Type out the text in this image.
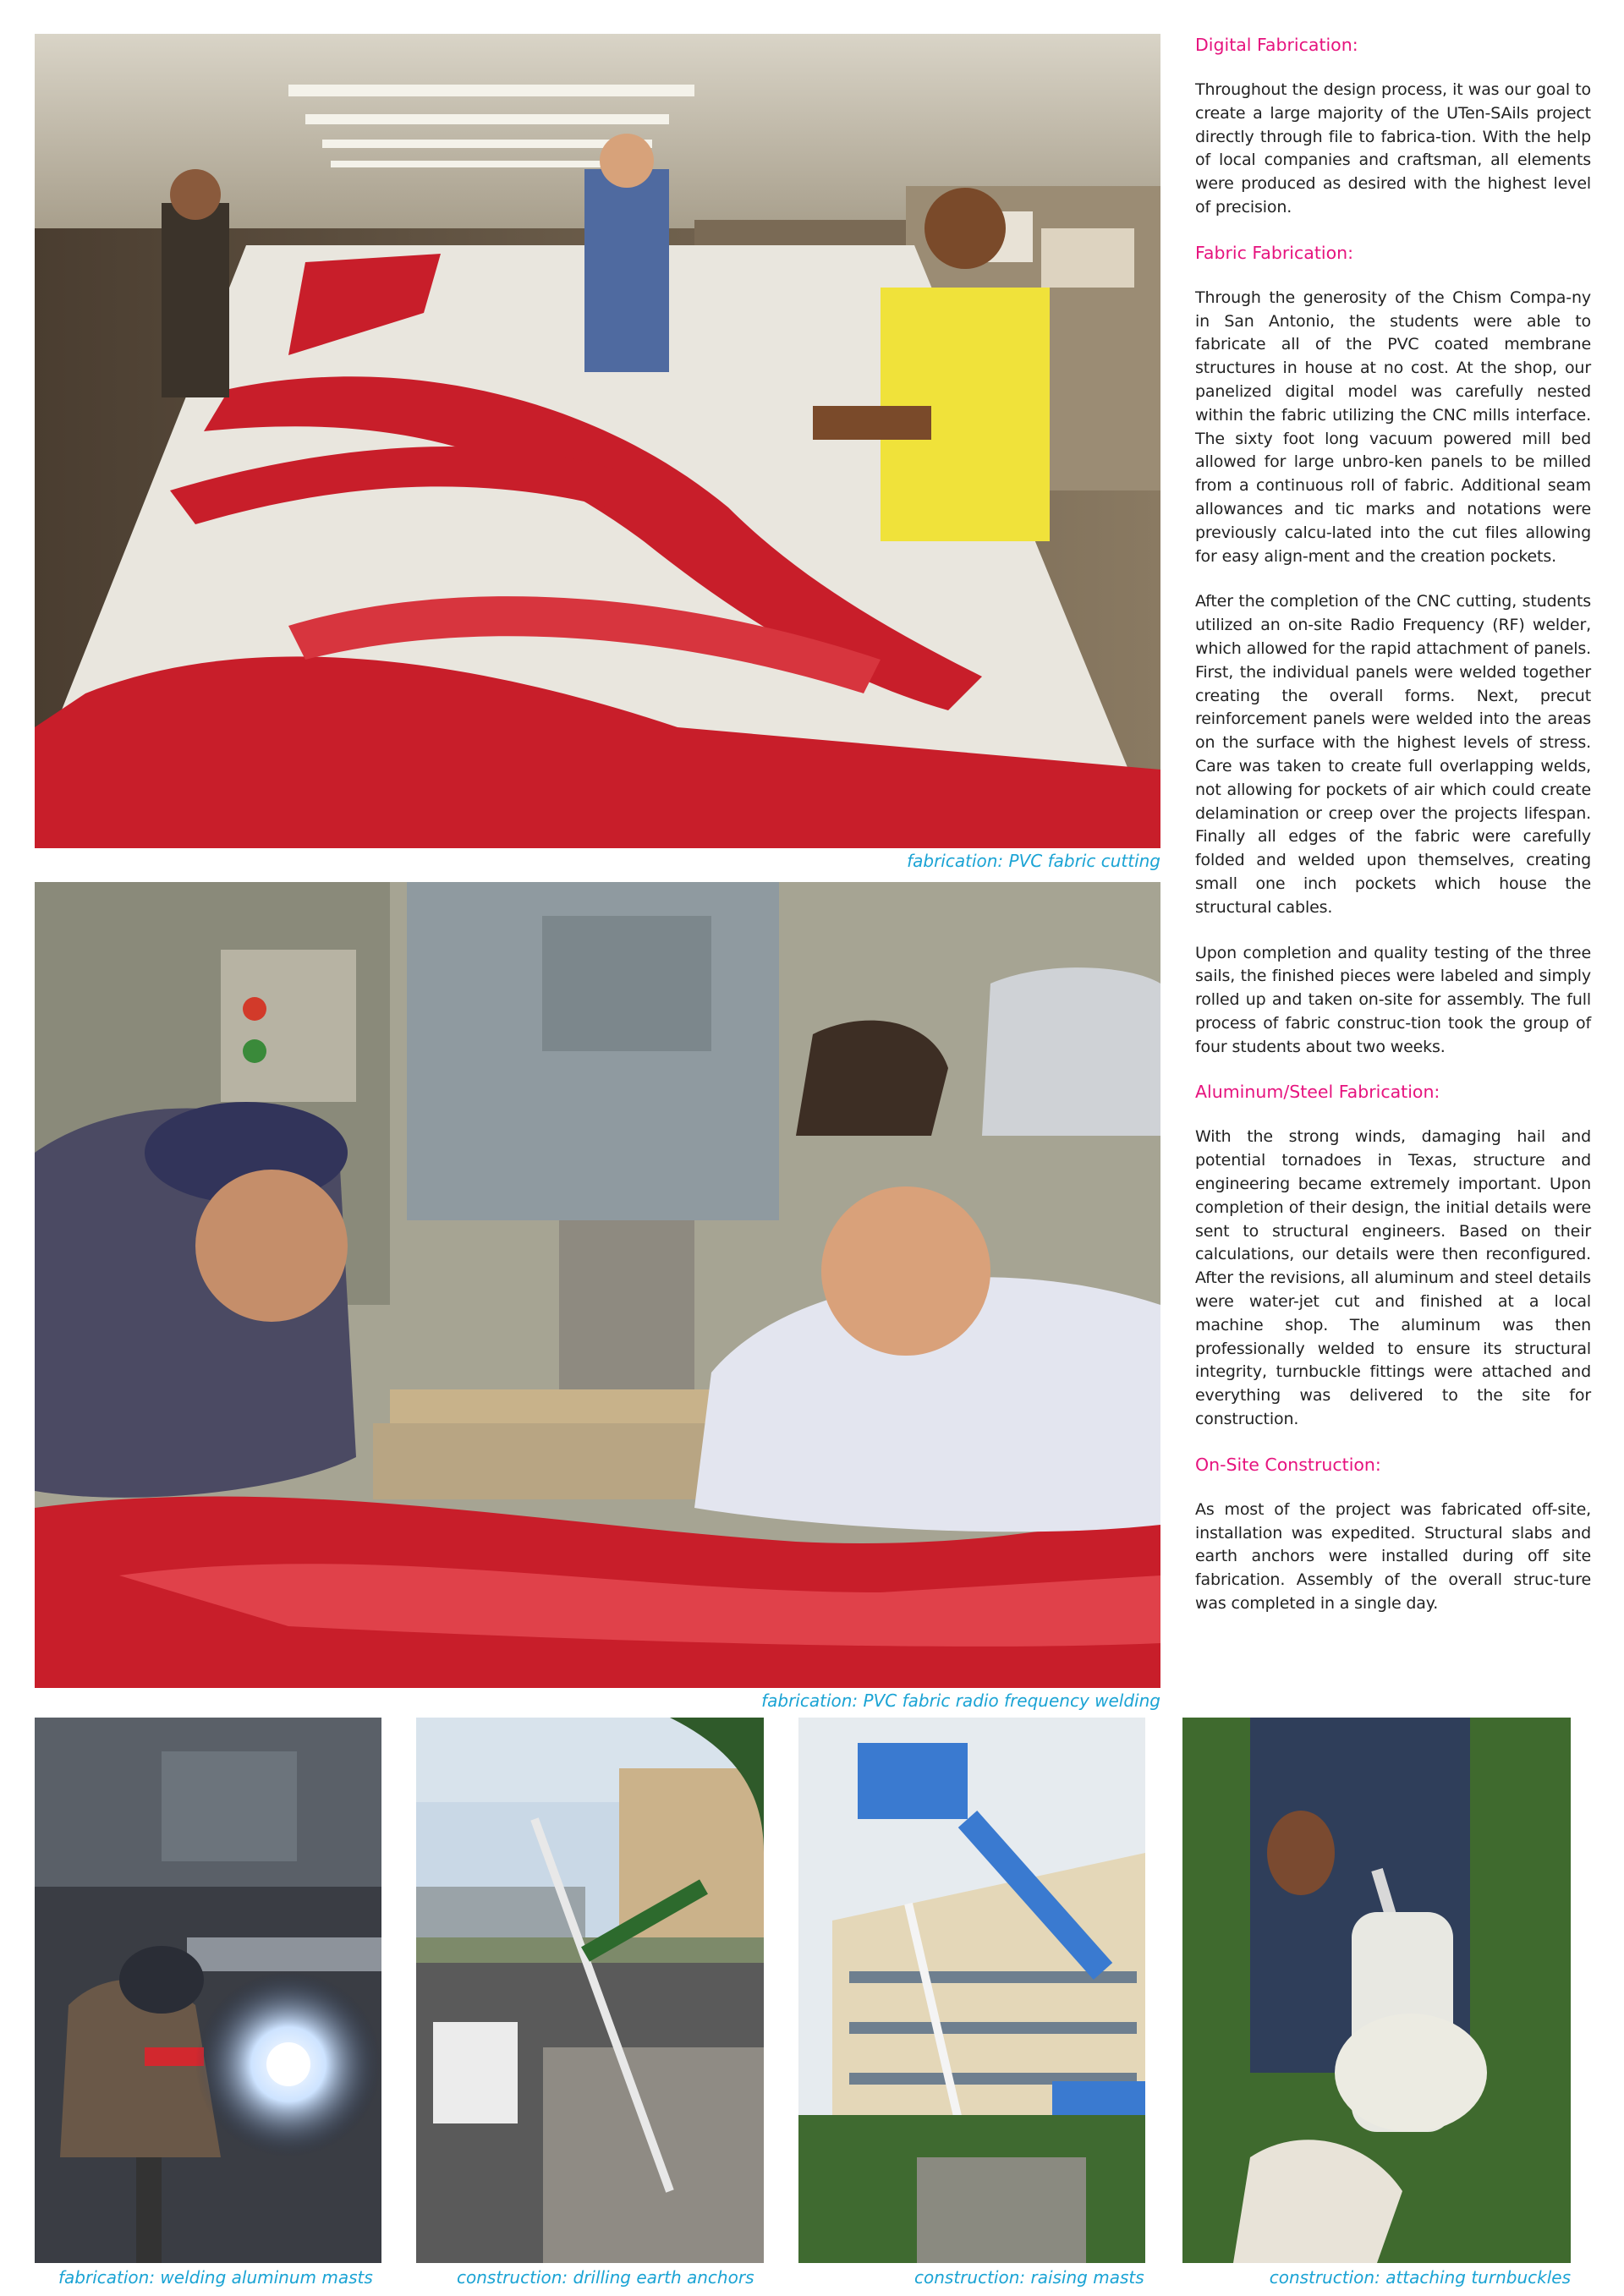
fabrication: PVC fabric cutting
fabrication: PVC fabric radio frequency welding
fabrication: welding aluminum masts	construction: drilling earth anchors	construction: raising masts	construction: attaching turnbuckles
Digital Fabrication:

Throughout the design process, it was our goal to create a large majority of the UTen-SAils project directly through file to fabrica-tion. With the help of local companies and craftsman, all elements were produced as desired with the highest level of precision.

Fabric Fabrication:

Through the generosity of the Chism Compa-ny in San Antonio, the students were able to fabricate all of the PVC coated membrane structures in house at no cost. At the shop, our panelized digital model was carefully nested within the fabric utilizing the CNC mills interface. The sixty foot long vacuum powered mill bed allowed for large unbro-ken panels to be milled from a continuous roll of fabric. Additional seam allowances and tic marks and notations were previously calcu-lated into the cut files allowing for easy align-ment and the creation pockets.

After the completion of the CNC cutting, students utilized an on-site Radio Frequency (RF) welder, which allowed for the rapid attachment of panels. First, the individual panels were welded together creating the overall forms. Next, precut reinforcement panels were welded into the areas on the surface with the highest levels of stress. Care was taken to create full overlapping welds, not allowing for pockets of air which could create delamination or creep over the projects lifespan. Finally all edges of the fabric were carefully folded and welded upon themselves, creating small one inch pockets which house the structural cables.

Upon completion and quality testing of the three sails, the finished pieces were labeled and simply rolled up and taken on-site for assembly. The full process of fabric construc-tion took the group of four students about two weeks.

Aluminum/Steel Fabrication:

With the strong winds, damaging hail and potential tornadoes in Texas, structure and engineering became extremely important. Upon completion of their design, the initial details were sent to structural engineers. Based on their calculations, our details were then reconfigured. After the revisions, all aluminum and steel details were water-jet cut and finished at a local machine shop. The aluminum was then professionally welded to ensure its structural integrity, turnbuckle fittings were attached and everything was delivered to the site for construction.

On-Site Construction:

As most of the project was fabricated off-site, installation was expedited. Structural slabs and earth anchors were installed during off site fabrication. Assembly of the overall struc-ture was completed in a single day.
